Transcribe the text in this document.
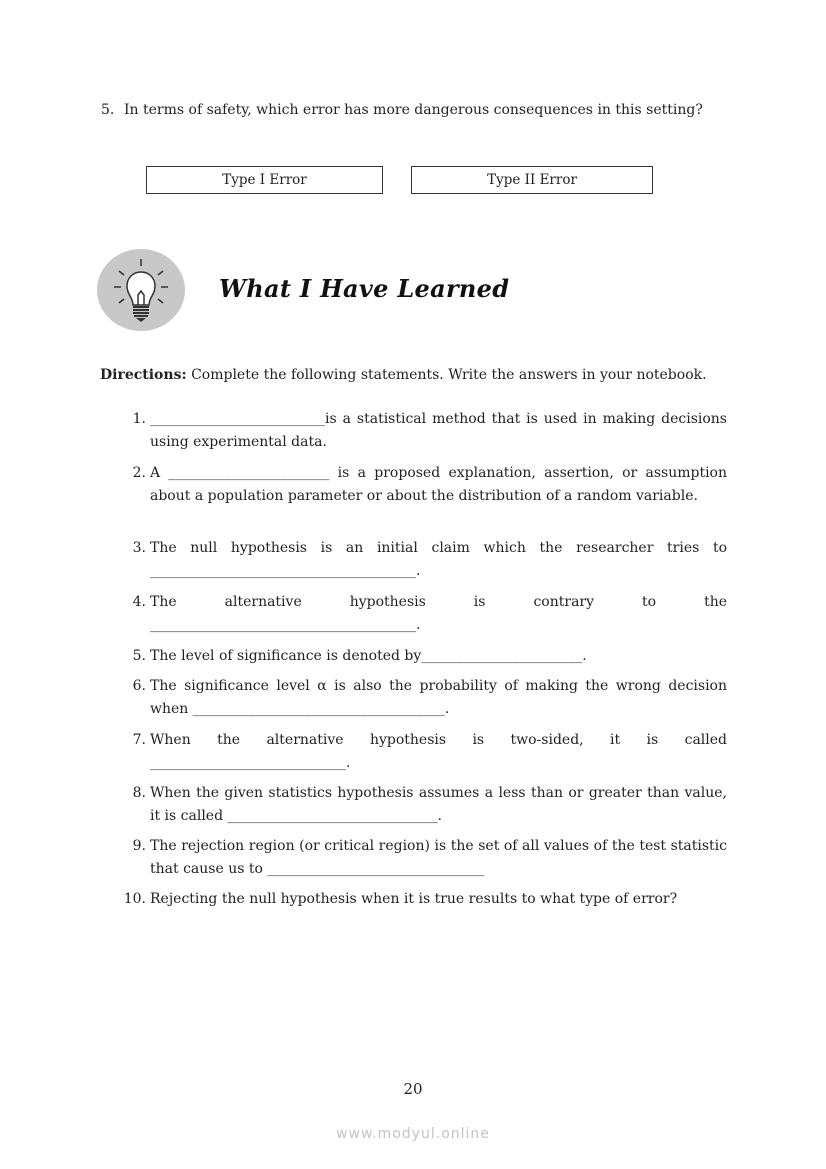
5. In terms of safety, which error has more dangerous consequences in this setting?
Type I Error	Type II Error
What I Have Learned
Directions: Complete the following statements. Write the answers in your notebook.
1. _________________________is a statistical method that is used in making decisions using experimental data.
2. A _______________________ is a proposed explanation, assertion, or assumption about a population parameter or about the distribution of a random variable.
3. The null hypothesis is an initial claim which the researcher tries to ______________________________________.
4. The alternative hypothesis is contrary to the ______________________________________.
5. The level of significance is denoted by_______________________.
6. The significance level α is also the probability of making the wrong decision when ____________________________________.
7. When the alternative hypothesis is two-sided, it is called ____________________________.
8. When the given statistics hypothesis assumes a less than or greater than value, it is called ______________________________.
9. The rejection region (or critical region) is the set of all values of the test statistic that cause us to _______________________________
10. Rejecting the null hypothesis when it is true results to what type of error?
20
www.modyul.online
